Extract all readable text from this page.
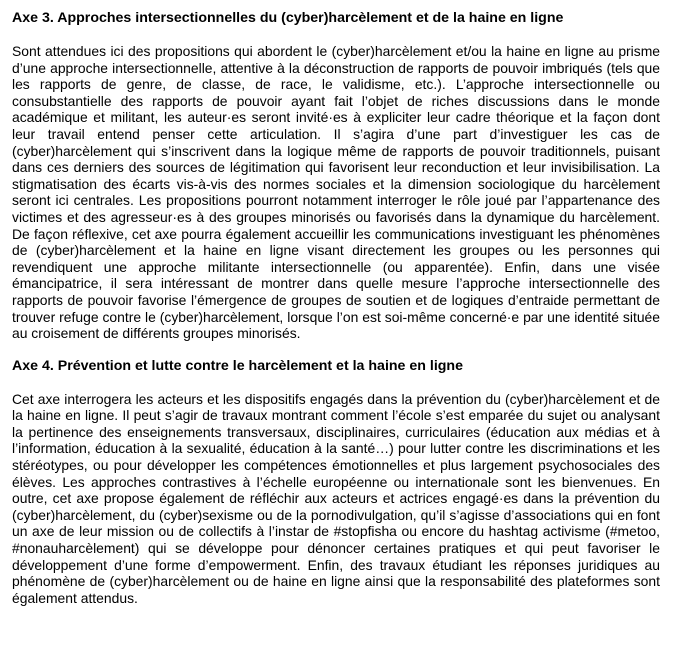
Axe 3. Approches intersectionnelles du (cyber)harcèlement et de la haine en ligne

Sont attendues ici des propositions qui abordent le (cyber)harcèlement et/ou la haine en ligne au prisme d’une approche intersectionnelle, attentive à la déconstruction de rapports de pouvoir imbriqués (tels que les rapports de genre, de classe, de race, le validisme, etc.). L’approche intersectionnelle ou consubstantielle des rapports de pouvoir ayant fait l’objet de riches discussions dans le monde académique et militant, les auteur·es seront invité·es à expliciter leur cadre théorique et la façon dont leur travail entend penser cette articulation. Il s’agira d’une part d’investiguer les cas de (cyber)harcèlement qui s’inscrivent dans la logique même de rapports de pouvoir traditionnels, puisant dans ces derniers des sources de légitimation qui favorisent leur reconduction et leur invisibilisation. La stigmatisation des écarts vis-à-vis des normes sociales et la dimension sociologique du harcèlement seront ici centrales. Les propositions pourront notamment interroger le rôle joué par l’appartenance des victimes et des agresseur·es à des groupes minorisés ou favorisés dans la dynamique du harcèlement. De façon réflexive, cet axe pourra également accueillir les communications investiguant les phénomènes de (cyber)harcèlement et la haine en ligne visant directement les groupes ou les personnes qui revendiquent une approche militante intersectionnelle (ou apparentée). Enfin, dans une visée émancipatrice, il sera intéressant de montrer dans quelle mesure l’approche intersectionnelle des rapports de pouvoir favorise l’émergence de groupes de soutien et de logiques d’entraide permettant de trouver refuge contre le (cyber)harcèlement, lorsque l’on est soi-même concerné·e par une identité située au croisement de différents groupes minorisés.

Axe 4. Prévention et lutte contre le harcèlement et la haine en ligne

Cet axe interrogera les acteurs et les dispositifs engagés dans la prévention du (cyber)harcèlement et de la haine en ligne. Il peut s’agir de travaux montrant comment l’école s’est emparée du sujet ou analysant la pertinence des enseignements transversaux, disciplinaires, curriculaires (éducation aux médias et à l’information, éducation à la sexualité, éducation à la santé…) pour lutter contre les discriminations et les stéréotypes, ou pour développer les compétences émotionnelles et plus largement psychosociales des élèves. Les approches contrastives à l’échelle européenne ou internationale sont les bienvenues. En outre, cet axe propose également de réfléchir aux acteurs et actrices engagé·es dans la prévention du (cyber)harcèlement, du (cyber)sexisme ou de la pornodivulgation, qu’il s’agisse d’associations qui en font un axe de leur mission ou de collectifs à l’instar de #stopfisha ou encore du hashtag activisme (#metoo, #nonauharcèlement) qui se développe pour dénoncer certaines pratiques et qui peut favoriser le développement d’une forme d’empowerment. Enfin, des travaux étudiant les réponses juridiques au phénomène de (cyber)harcèlement ou de haine en ligne ainsi que la responsabilité des plateformes sont également attendus.
